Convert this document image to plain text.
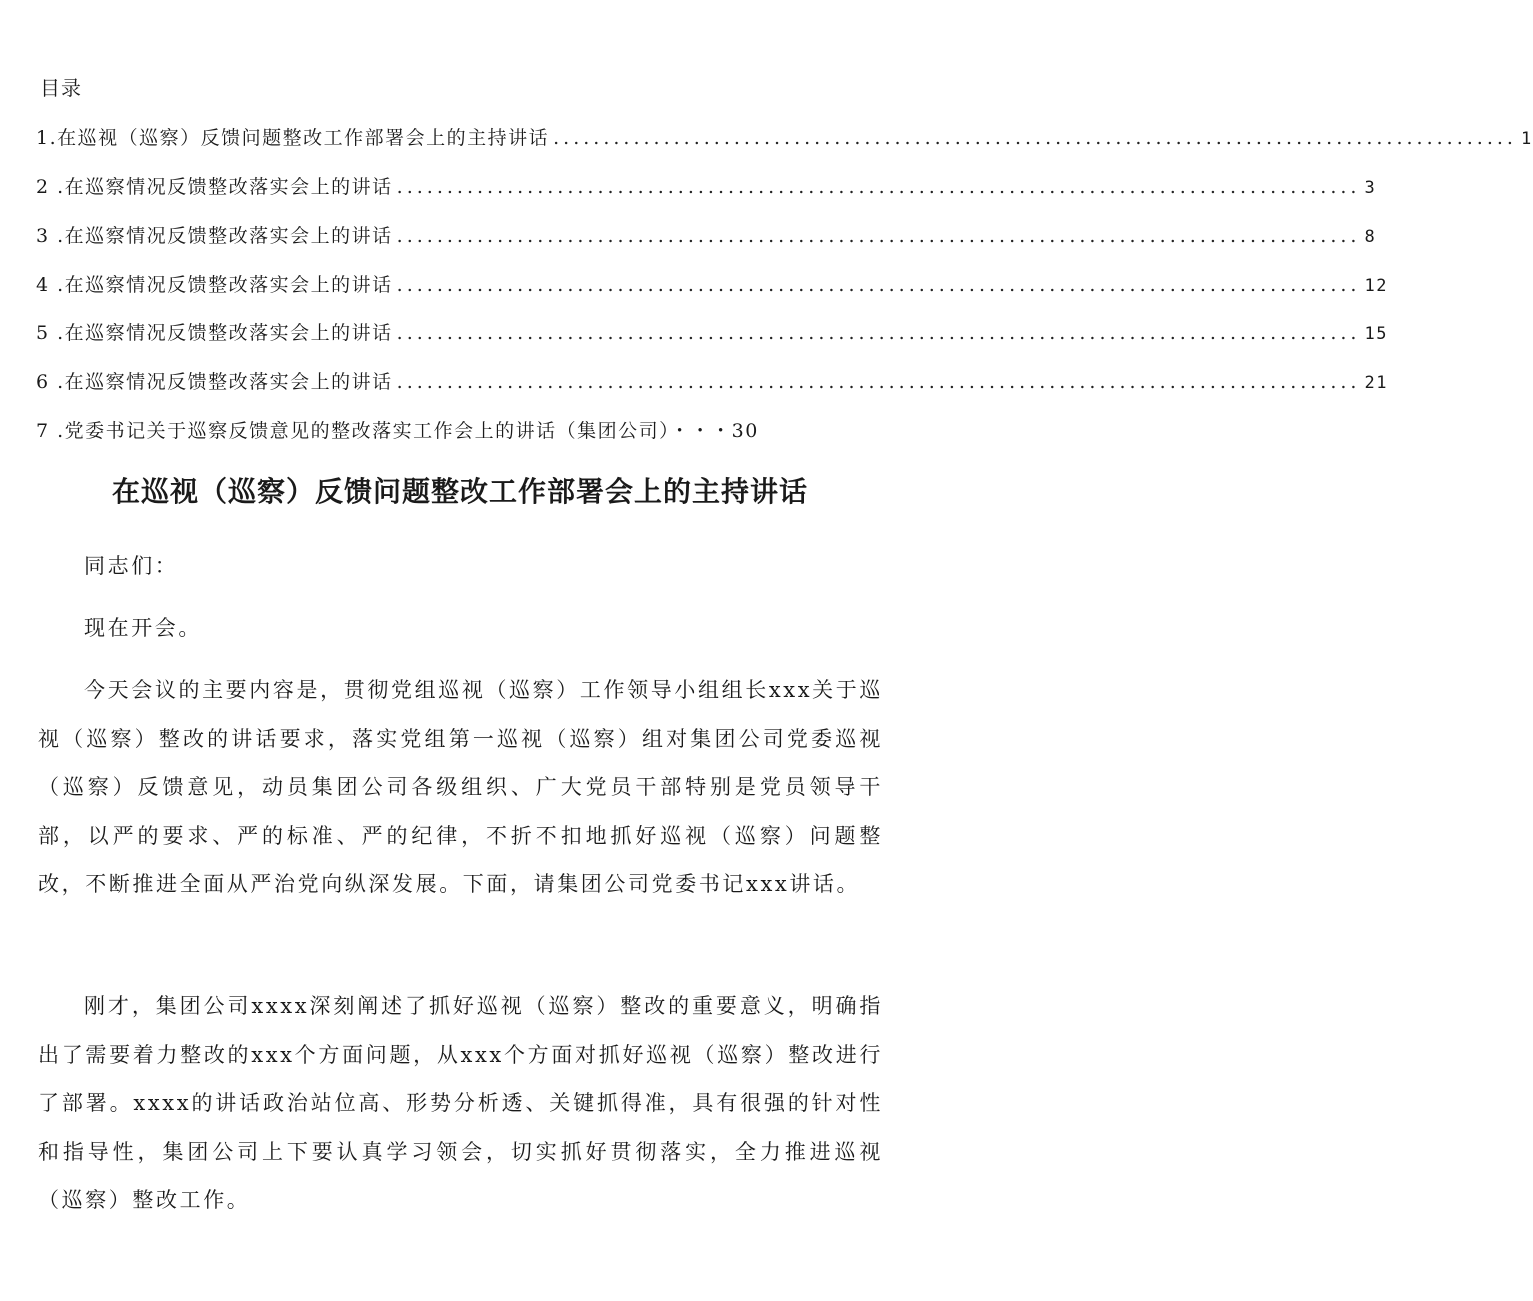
目录
1.在巡视（巡察）反馈问题整改工作部署会上的主持讲话 ................................................................................................ 1
2 .在巡察情况反馈整改落实会上的讲话 ................................................................................................ 3
3 .在巡察情况反馈整改落实会上的讲话 ................................................................................................ 8
4 .在巡察情况反馈整改落实会上的讲话 ................................................................................................ 12
5 .在巡察情况反馈整改落实会上的讲话 ................................................................................................ 15
6 .在巡察情况反馈整改落实会上的讲话 ................................................................................................ 21
7 .党委书记关于巡察反馈意见的整改落实工作会上的讲话（集团公司）・・・30
在巡视（巡察）反馈问题整改工作部署会上的主持讲话
同志们：
现在开会。
今天会议的主要内容是，贯彻党组巡视（巡察）工作领导小组组长xxx关于巡视（巡察）整改的讲话要求，落实党组第一巡视（巡察）组对集团公司党委巡视（巡察）反馈意见，动员集团公司各级组织、广大党员干部特别是党员领导干部，以严的要求、严的标准、严的纪律，不折不扣地抓好巡视（巡察）问题整改，不断推进全面从严治党向纵深发展。下面，请集团公司党委书记xxx讲话。
刚才，集团公司xxxx深刻阐述了抓好巡视（巡察）整改的重要意义，明确指出了需要着力整改的xxx个方面问题，从xxx个方面对抓好巡视（巡察）整改进行了部署。xxxx的讲话政治站位高、形势分析透、关键抓得准，具有很强的针对性和指导性，集团公司上下要认真学习领会，切实抓好贯彻落实，全力推进巡视（巡察）整改工作。
